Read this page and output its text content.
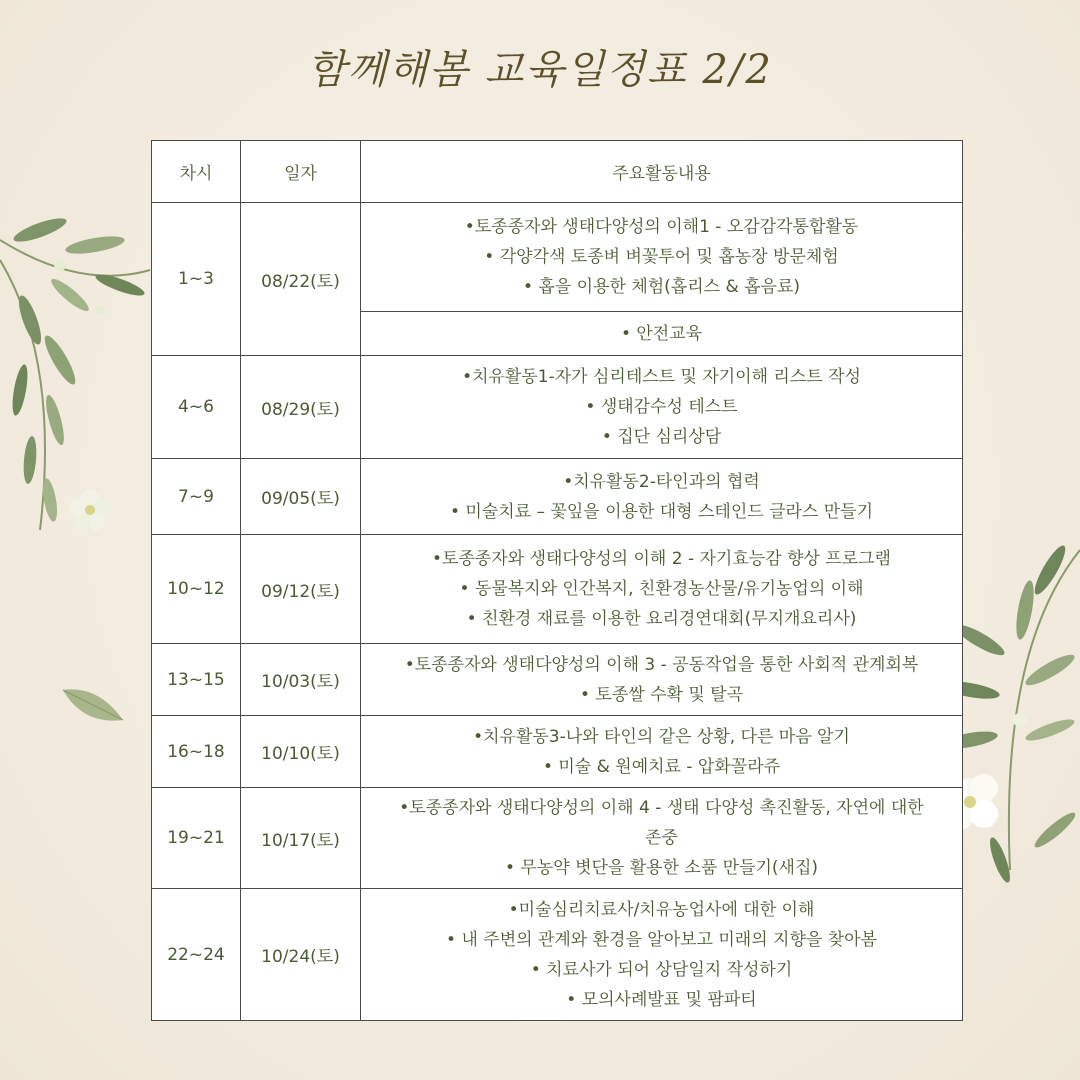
함께해봄 교육일정표 2/2
차시	일자	주요활동내용
1~3	08/22(토)	•토종종자와 생태다양성의 이해1 - 오감감각통합활동
• 각양각색 토종벼 벼꽃투어 및 홉농장 방문체험
• 홉을 이용한 체험(홉리스 & 홉음료)

		• 안전교육

4~6	08/29(토)	•치유활동1-자가 심리테스트 및 자기이해 리스트 작성
• 생태감수성 테스트
• 집단 심리상담

7~9	09/05(토)	•치유활동2-타인과의 협력
• 미술치료 – 꽃잎을 이용한 대형 스테인드 글라스 만들기

10~12	09/12(토)	•토종종자와 생태다양성의 이해 2 - 자기효능감 향상 프로그램
• 동물복지와 인간복지, 친환경농산물/유기농업의 이해
• 친환경 재료를 이용한 요리경연대회(무지개요리사)

13~15	10/03(토)	•토종종자와 생태다양성의 이해 3 - 공동작업을 통한 사회적 관계회복
• 토종쌀 수확 및 탈곡

16~18	10/10(토)	•치유활동3-나와 타인의 같은 상황, 다른 마음 알기
• 미술 & 원예치료 - 압화꼴라쥬

19~21	10/17(토)	•토종종자와 생태다양성의 이해 4 - 생태 다양성 촉진활동, 자연에 대한
존중
• 무농약 볏단을 활용한 소품 만들기(새집)

22~24	10/24(토)	•미술심리치료사/치유농업사에 대한 이해
• 내 주변의 관계와 환경을 알아보고 미래의 지향을 찾아봄
• 치료사가 되어 상담일지 작성하기
• 모의사례발표 및 팜파티
